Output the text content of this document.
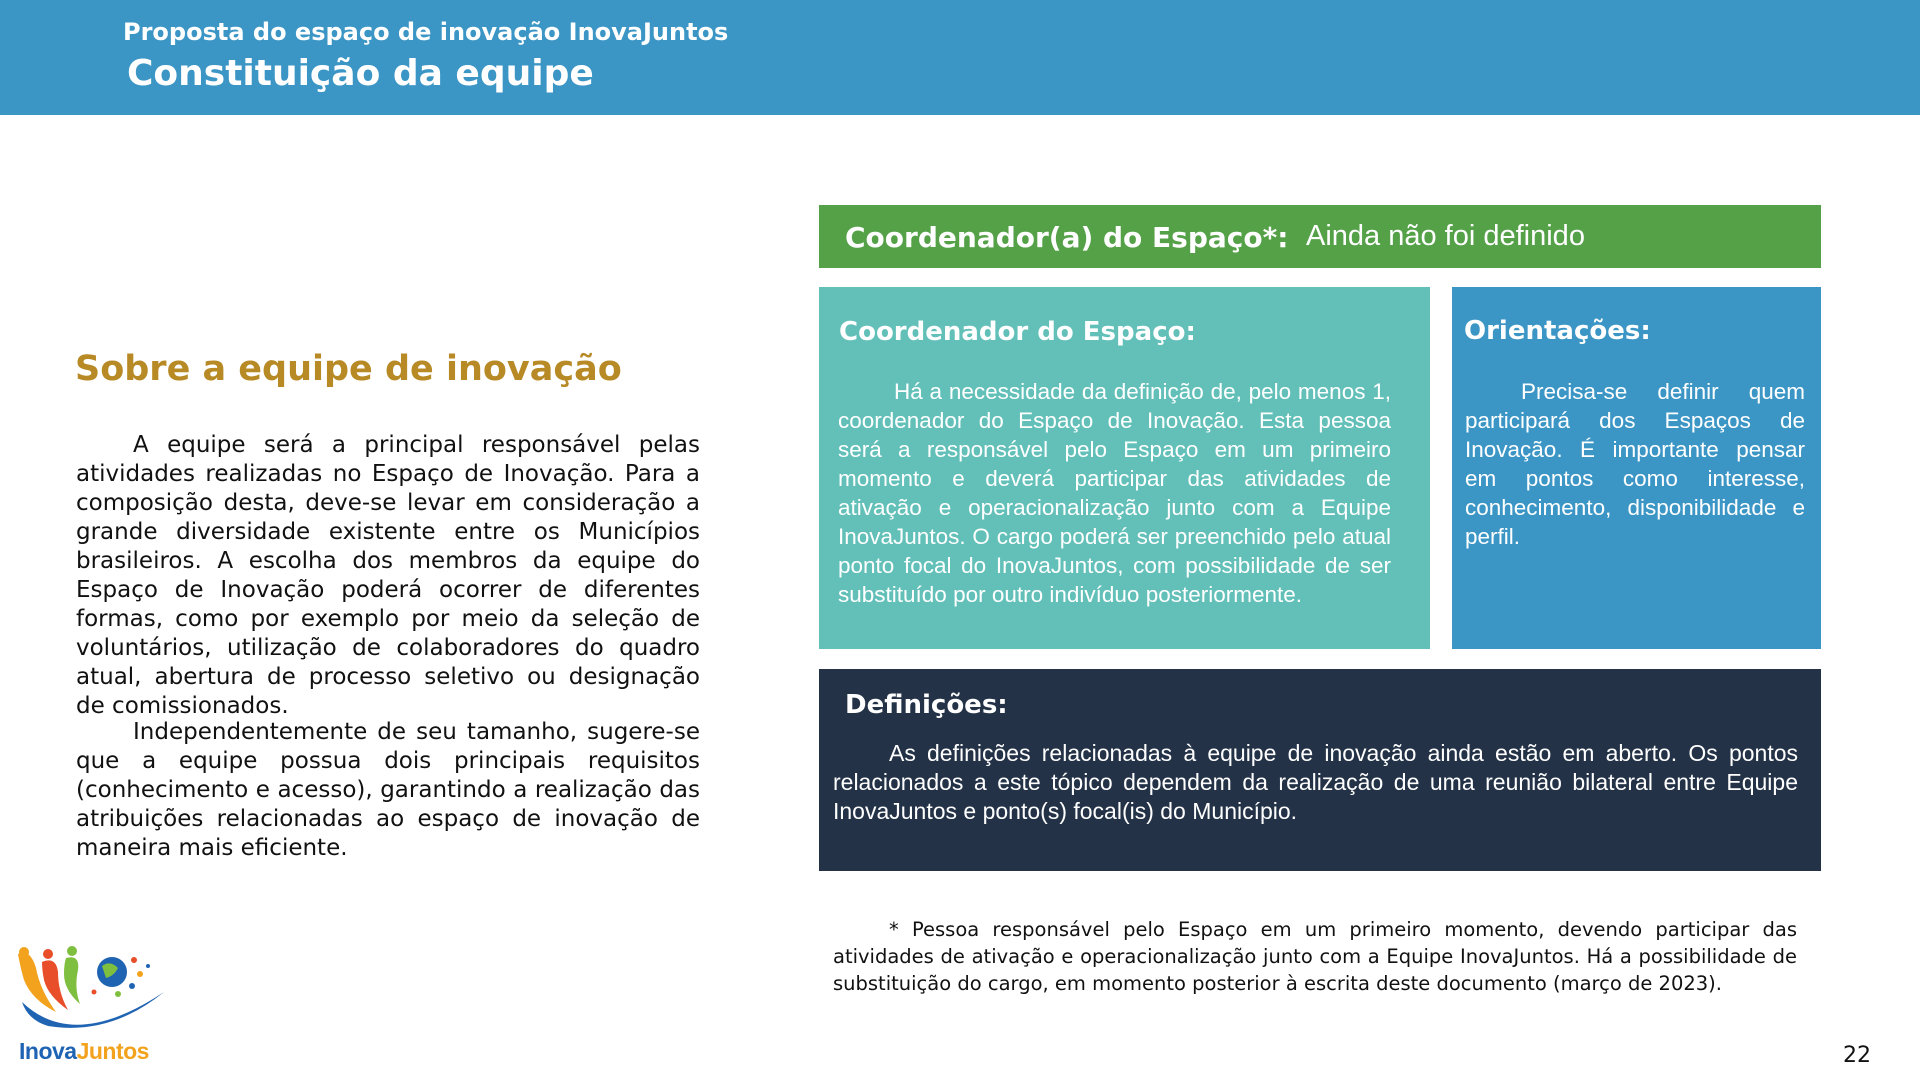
Proposta do espaço de inovação InovaJuntos
Constituição da equipe
Sobre a equipe de inovação

A equipe será a principal responsável pelas atividades realizadas no Espaço de Inovação. Para a composição desta, deve-se levar em consideração a grande diversidade existente entre os Municípios brasileiros. A escolha dos membros da equipe do Espaço de Inovação poderá ocorrer de diferentes formas, como por exemplo por meio da seleção de voluntários, utilização de colaboradores do quadro atual, abertura de processo seletivo ou designação de comissionados.

Independentemente de seu tamanho, sugere-se que a equipe possua dois principais requisitos (conhecimento e acesso), garantindo a realização das atribuições relacionadas ao espaço de inovação de maneira mais eficiente.

Coordenador(a) do Espaço*: Ainda não foi definido
Coordenador do Espaço:

Há a necessidade da definição de, pelo menos 1, coordenador do Espaço de Inovação. Esta pessoa será a responsável pelo Espaço em um primeiro momento e deverá participar das atividades de ativação e operacionalização junto com a Equipe InovaJuntos. O cargo poderá ser preenchido pelo atual ponto focal do InovaJuntos, com possibilidade de ser substituído por outro indivíduo posteriormente.

Orientações:

Precisa-se definir quem participará dos Espaços de Inovação. É importante pensar em pontos como interesse, conhecimento, disponibilidade e perfil.

Definições:

As definições relacionadas à equipe de inovação ainda estão em aberto. Os pontos relacionados a este tópico dependem da realização de uma reunião bilateral entre Equipe InovaJuntos e ponto(s) focal(is) do Município.

* Pessoa responsável pelo Espaço em um primeiro momento, devendo participar das atividades de ativação e operacionalização junto com a Equipe InovaJuntos. Há a possibilidade de substituição do cargo, em momento posterior à escrita deste documento (março de 2023).

InovaJuntos	22
